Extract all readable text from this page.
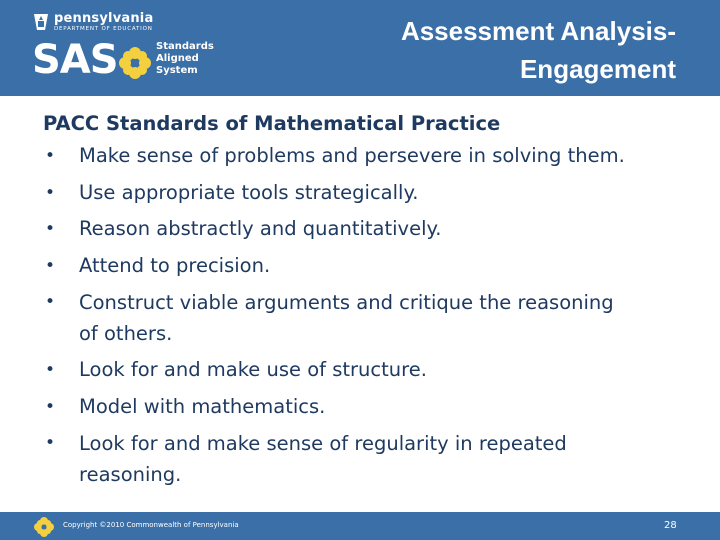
pennsylvania
DEPARTMENT OF EDUCATION
SAS	Standards
Aligned
System
Assessment Analysis-
Engagement
PACC Standards of Mathematical Practice
• Make sense of problems and persevere in solving them.
• Use appropriate tools strategically.
• Reason abstractly and quantitatively.
• Attend to precision.
• Construct viable arguments and critique the reasoning
of others.
• Look for and make use of structure.
• Model with mathematics.
• Look for and make sense of regularity in repeated
reasoning.
Copyright ©2010 Commonwealth of Pennsylvania	28
